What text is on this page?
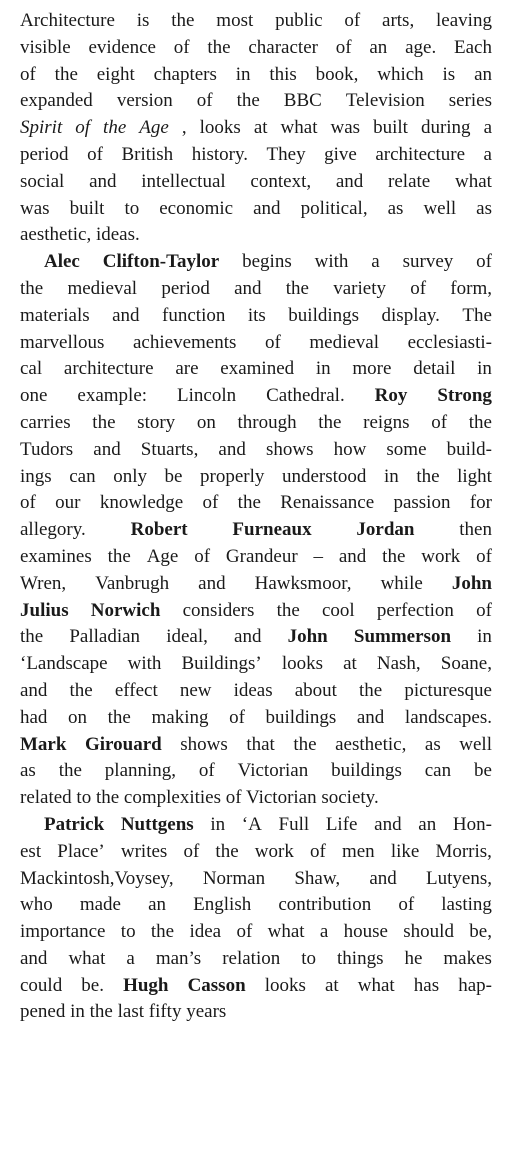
Architecture is the most public of arts, leaving
visible evidence of the character of an age. Each
of the eight chapters in this book, which is an
expanded version of the BBC Television series
Spirit of the Age , looks at what was built during a
period of British history. They give architecture a
social and intellectual context, and relate what
was built to economic and political, as well as
aesthetic, ideas.
Alec Clifton-Taylor begins with a survey of
the medieval period and the variety of form,
materials and function its buildings display. The
marvellous achievements of medieval ecclesiasti-
cal architecture are examined in more detail in
one example: Lincoln Cathedral. Roy Strong
carries the story on through the reigns of the
Tudors and Stuarts, and shows how some build-
ings can only be properly understood in the light
of our knowledge of the Renaissance passion for
allegory. Robert Furneaux Jordan then
examines the Age of Grandeur – and the work of
Wren, Vanbrugh and Hawksmoor, while John
Julius Norwich considers the cool perfection of
the Palladian ideal, and John Summerson in
‘Landscape with Buildings’ looks at Nash, Soane,
and the effect new ideas about the picturesque
had on the making of buildings and landscapes.
Mark Girouard shows that the aesthetic, as well
as the planning, of Victorian buildings can be
related to the complexities of Victorian society.
Patrick Nuttgens in ‘A Full Life and an Hon-
est Place’ writes of the work of men like Morris,
Mackintosh,Voysey, Norman Shaw, and Lutyens,
who made an English contribution of lasting
importance to the idea of what a house should be,
and what a man’s relation to things he makes
could be. Hugh Casson looks at what has hap-
pened in the last fifty years
